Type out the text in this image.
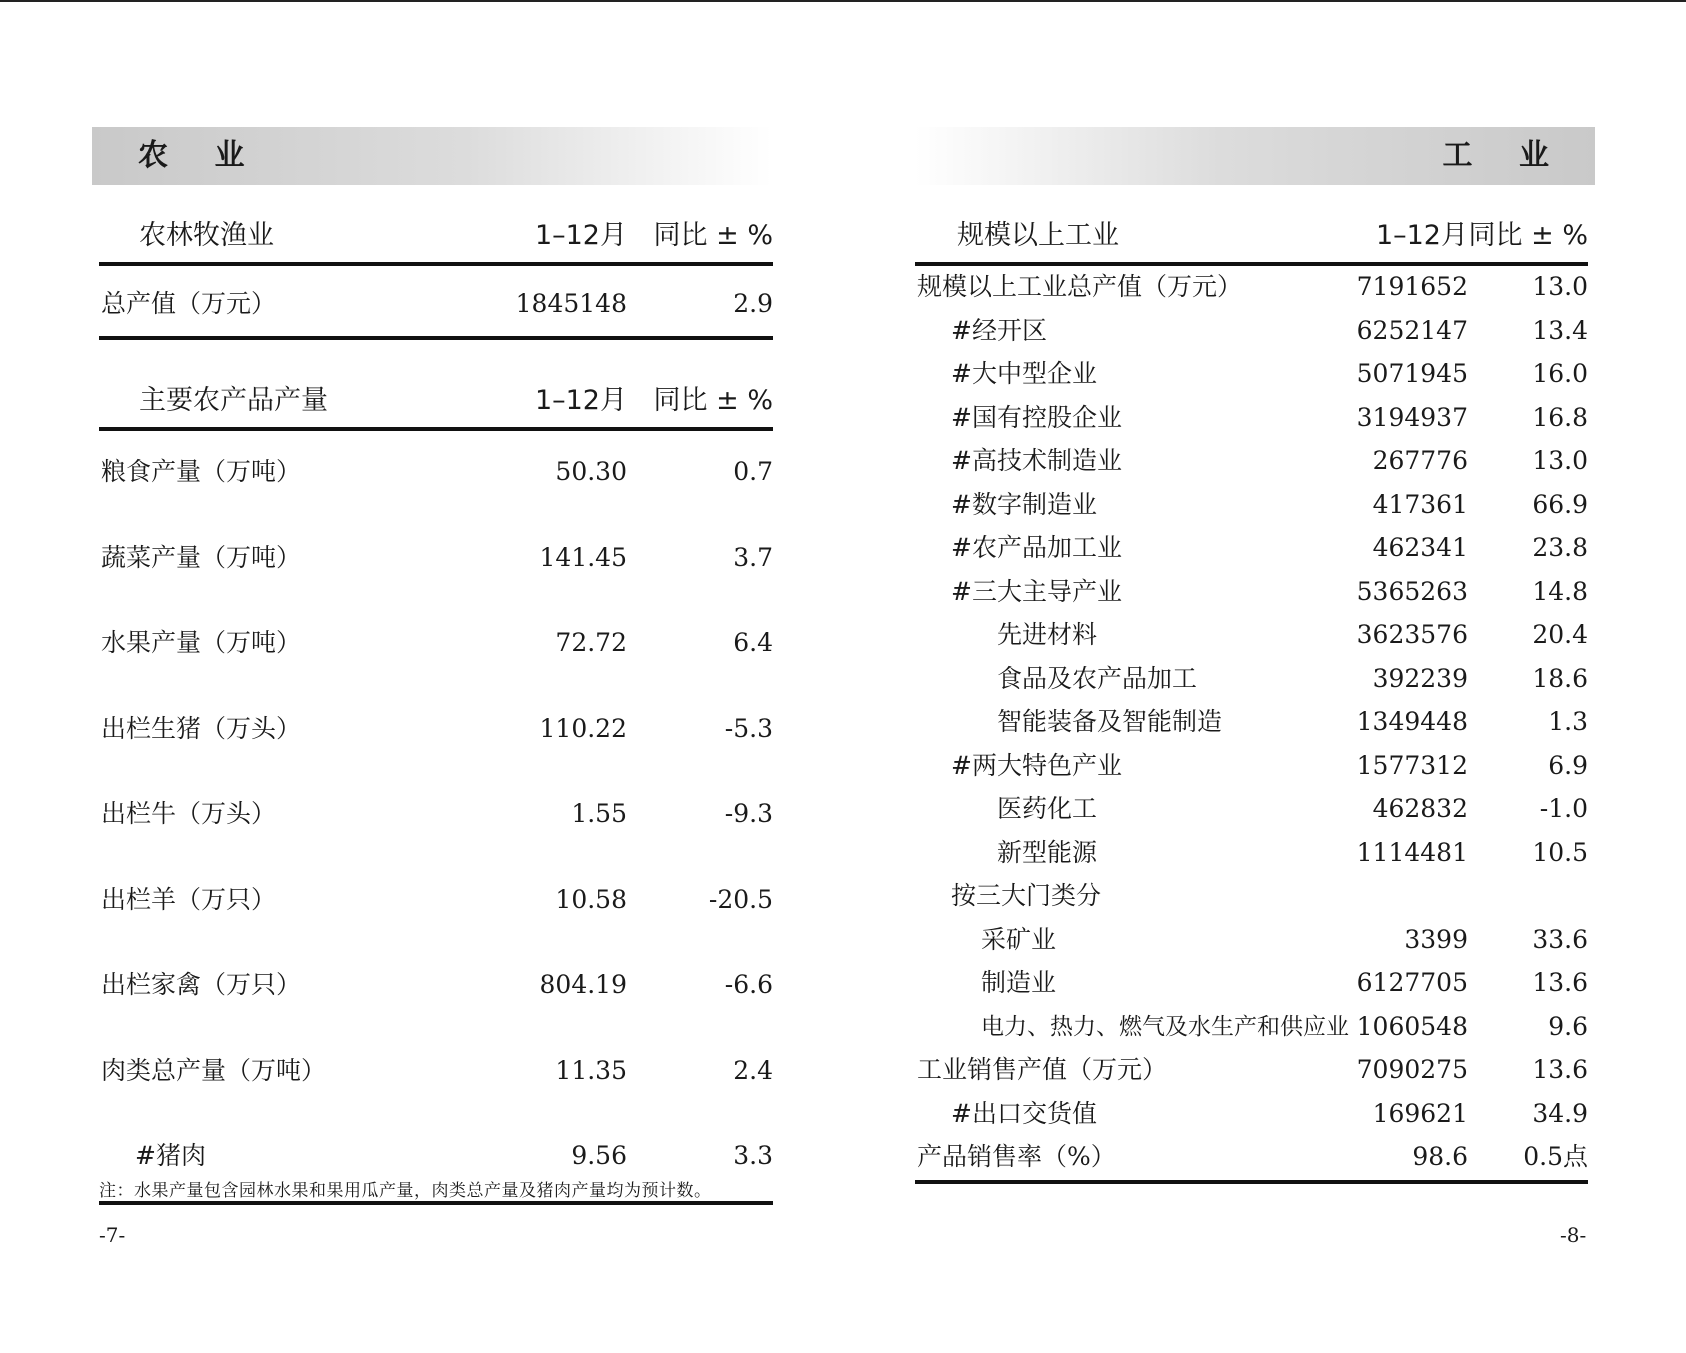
农 业
农林牧渔业	1–12月 同比 ± %
总产值（万元）	1845148	2.9
主要农产品产量	1–12月 同比 ± %
粮食产量（万吨）	50.30	0.7
蔬菜产量（万吨）	141.45	3.7
水果产量（万吨）	72.72	6.4
出栏生猪（万头）	110.22	-5.3
出栏牛（万头）	1.55	-9.3
出栏羊（万只）	10.58	-20.5
出栏家禽（万只）	804.19	-6.6
肉类总产量（万吨）	11.35	2.4
#猪肉	9.56	3.3
注：水果产量包含园林水果和果用瓜产量，肉类总产量及猪肉产量均为预计数。
-7-
工 业
规模以上工业	1–12月 同比 ± %
规模以上工业总产值（万元）	7191652	13.0
#经开区	6252147	13.4
#大中型企业	5071945	16.0
#国有控股企业	3194937	16.8
#高技术制造业	267776	13.0
#数字制造业	417361	66.9
#农产品加工业	462341	23.8
#三大主导产业	5365263	14.8
先进材料	3623576	20.4
食品及农产品加工	392239	18.6
智能装备及智能制造	1349448	1.3
#两大特色产业	1577312	6.9
医药化工	462832	-1.0
新型能源	1114481	10.5
按三大门类分
采矿业	3399	33.6
制造业	6127705	13.6
电力、热力、燃气及水生产和供应业 1060548	9.6
工业销售产值（万元）	7090275	13.6
#出口交货值	169621	34.9
产品销售率（%）	98.6 0.5点
-8-
